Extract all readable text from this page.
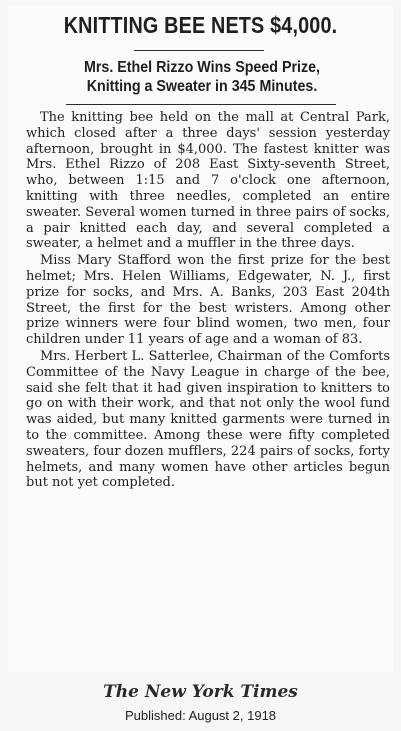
KNITTING BEE NETS $4,000.
Mrs. Ethel Rizzo Wins Speed Prize,
Knitting a Sweater in 345 Minutes.

The knitting bee held on the mall at Central Park, which closed after a three days' session yesterday afternoon, brought in $4,000. The fastest knitter was Mrs. Ethel Rizzo of 208 East Sixty-seventh Street, who, between 1:15 and 7 o'clock one afternoon, knitting with three needles, completed an entire sweater. Several women turned in three pairs of socks, a pair knitted each day, and several completed a sweater, a helmet and a muffler in the three days.

Miss Mary Stafford won the first prize for the best helmet; Mrs. Helen Williams, Edgewater, N. J., first prize for socks, and Mrs. A. Banks, 203 East 204th Street, the first for the best wristers. Among other prize winners were four blind women, two men, four children under 11 years of age and a woman of 83.

Mrs. Herbert L. Satterlee, Chairman of the Comforts Committee of the Navy League in charge of the bee, said she felt that it had given inspiration to knitters to go on with their work, and that not only the wool fund was aided, but many knitted garments were turned in to the committee. Among these were fifty completed sweaters, four dozen mufflers, 224 pairs of socks, forty helmets, and many women have other articles begun but not yet completed.

The New York Times
Published: August 2, 1918
